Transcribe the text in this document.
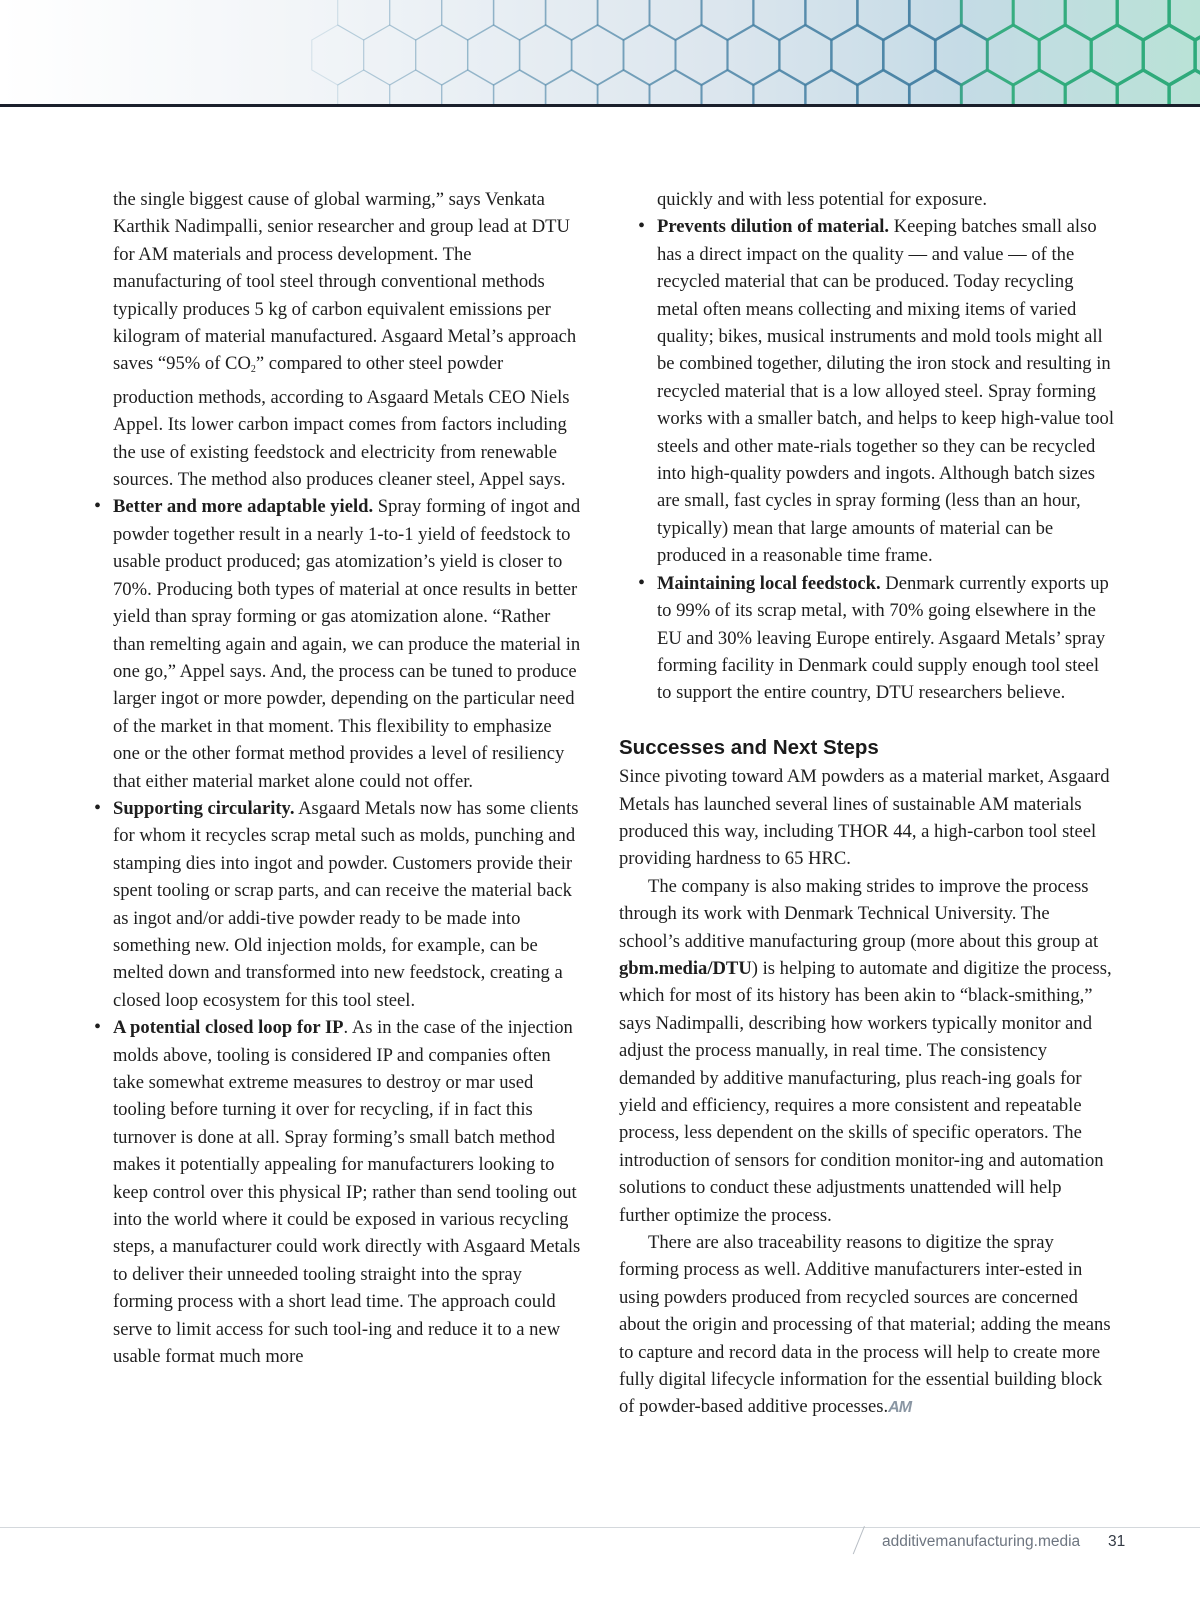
the single biggest cause of global warming,” says Venkata Karthik Nadimpalli, senior researcher and group lead at DTU for AM materials and process development. The manufacturing of tool steel through conventional methods typically produces 5 kg of carbon equivalent emissions per kilogram of material manufactured. Asgaard Metal’s approach saves “95% of $CO_2$” compared to other steel powder production methods, according to Asgaard Metals CEO Niels Appel. Its lower carbon impact comes from factors including the use of existing feedstock and electricity from renewable sources. The method also produces cleaner steel, Appel says.

• Better and more adaptable yield. Spray forming of ingot and powder together result in a nearly 1-to-1 yield of feedstock to usable product produced; gas atomization’s yield is closer to 70%. Producing both types of material at once results in better yield than spray forming or gas atomization alone. “Rather than remelting again and again, we can produce the material in one go,” Appel says. And, the process can be tuned to produce larger ingot or more powder, depending on the particular need of the market in that moment. This flexibility to emphasize one or the other format method provides a level of resiliency that either material market alone could not offer.
• Supporting circularity. Asgaard Metals now has some clients for whom it recycles scrap metal such as molds, punching and stamping dies into ingot and powder. Customers provide their spent tooling or scrap parts, and can receive the material back as ingot and/or addi-tive powder ready to be made into something new. Old injection molds, for example, can be melted down and transformed into new feedstock, creating a closed loop ecosystem for this tool steel.
• A potential closed loop for IP. As in the case of the injection molds above, tooling is considered IP and companies often take somewhat extreme measures to destroy or mar used tooling before turning it over for recycling, if in fact this turnover is done at all. Spray forming’s small batch method makes it potentially appealing for manufacturers looking to keep control over this physical IP; rather than send tooling out into the world where it could be exposed in various recycling steps, a manufacturer could work directly with Asgaard Metals to deliver their unneeded tooling straight into the spray forming process with a short lead time. The approach could serve to limit access for such tool-ing and reduce it to a new usable format much more

quickly and with less potential for exposure.

• Prevents dilution of material. Keeping batches small also has a direct impact on the quality — and value — of the recycled material that can be produced. Today recycling metal often means collecting and mixing items of varied quality; bikes, musical instruments and mold tools might all be combined together, diluting the iron stock and resulting in recycled material that is a low alloyed steel. Spray forming works with a smaller batch, and helps to keep high-value tool steels and other mate-rials together so they can be recycled into high-quality powders and ingots. Although batch sizes are small, fast cycles in spray forming (less than an hour, typically) mean that large amounts of material can be produced in a reasonable time frame.
• Maintaining local feedstock. Denmark currently exports up to 99% of its scrap metal, with 70% going elsewhere in the EU and 30% leaving Europe entirely. Asgaard Metals’ spray forming facility in Denmark could supply enough tool steel to support the entire country, DTU researchers believe.
Successes and Next Steps

Since pivoting toward AM powders as a material market, Asgaard Metals has launched several lines of sustainable AM materials produced this way, including THOR 44, a high-carbon tool steel providing hardness to 65 HRC.

The company is also making strides to improve the process through its work with Denmark Technical University. The school’s additive manufacturing group (more about this group at gbm.media/DTU) is helping to automate and digitize the process, which for most of its history has been akin to “black-smithing,” says Nadimpalli, describing how workers typically monitor and adjust the process manually, in real time. The consistency demanded by additive manufacturing, plus reach-ing goals for yield and efficiency, requires a more consistent and repeatable process, less dependent on the skills of specific operators. The introduction of sensors for condition monitor-ing and automation solutions to conduct these adjustments unattended will help further optimize the process.

There are also traceability reasons to digitize the spray forming process as well. Additive manufacturers inter-ested in using powders produced from recycled sources are concerned about the origin and processing of that material; adding the means to capture and record data in the process will help to create more fully digital lifecycle information for the essential building block of powder-based additive processes.AM

additivemanufacturing.media 31
